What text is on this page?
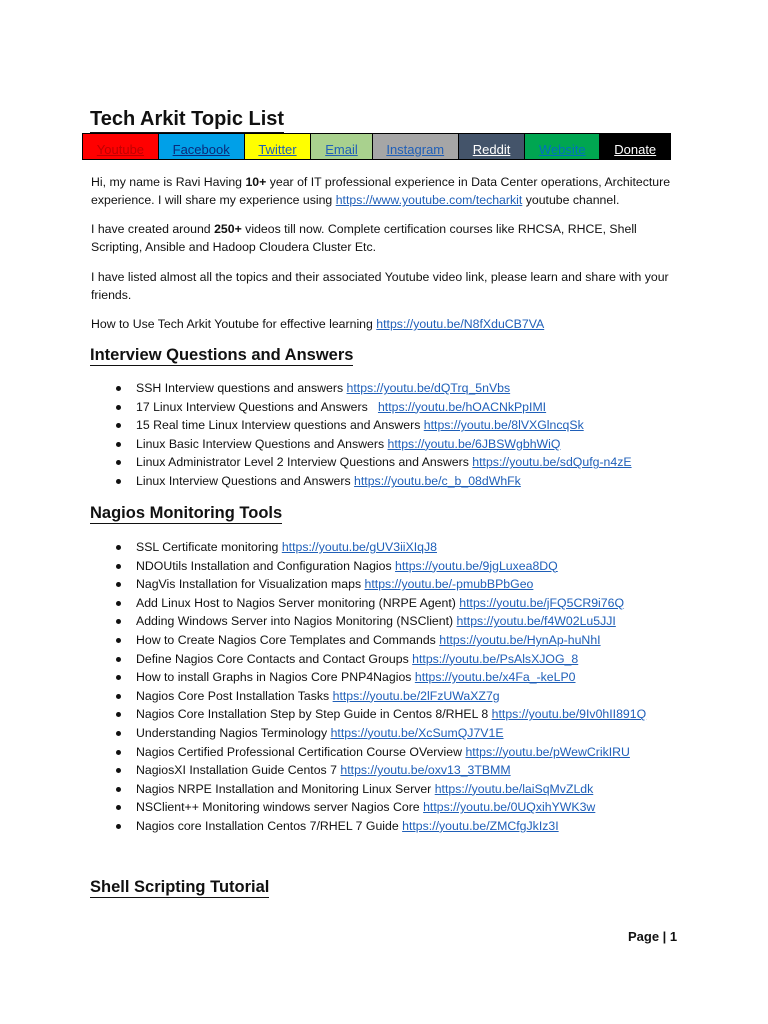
Tech Arkit Topic List
Youtube	Facebook	Twitter	Email	Instagram	Reddit	Website	Donate
Hi, my name is Ravi Having 10+ year of IT professional experience in Data Center operations, Architecture experience. I will share my experience using https://www.youtube.com/techarkit youtube channel.
I have created around 250+ videos till now. Complete certification courses like RHCSA, RHCE, Shell Scripting, Ansible and Hadoop Cloudera Cluster Etc.
I have listed almost all the topics and their associated Youtube video link, please learn and share with your friends.
How to Use Tech Arkit Youtube for effective learning https://youtu.be/N8fXduCB7VA
Interview Questions and Answers
SSH Interview questions and answers https://youtu.be/dQTrq_5nVbs
17 Linux Interview Questions and Answers   https://youtu.be/hOACNkPpIMI
15 Real time Linux Interview questions and Answers https://youtu.be/8lVXGlncqSk
Linux Basic Interview Questions and Answers https://youtu.be/6JBSWgbhWiQ
Linux Administrator Level 2 Interview Questions and Answers https://youtu.be/sdQufg-n4zE
Linux Interview Questions and Answers https://youtu.be/c_b_08dWhFk
Nagios Monitoring Tools
SSL Certificate monitoring https://youtu.be/gUV3iiXIqJ8
NDOUtils Installation and Configuration Nagios https://youtu.be/9jgLuxea8DQ
NagVis Installation for Visualization maps https://youtu.be/-pmubBPbGeo
Add Linux Host to Nagios Server monitoring (NRPE Agent) https://youtu.be/jFQ5CR9i76Q
Adding Windows Server into Nagios Monitoring (NSClient) https://youtu.be/f4W02Lu5JJI
How to Create Nagios Core Templates and Commands https://youtu.be/HynAp-huNhI
Define Nagios Core Contacts and Contact Groups https://youtu.be/PsAlsXJOG_8
How to install Graphs in Nagios Core PNP4Nagios https://youtu.be/x4Fa_-keLP0
Nagios Core Post Installation Tasks https://youtu.be/2lFzUWaXZ7g
Nagios Core Installation Step by Step Guide in Centos 8/RHEL 8 https://youtu.be/9Iv0hII891Q
Understanding Nagios Terminology https://youtu.be/XcSumQJ7V1E
Nagios Certified Professional Certification Course OVerview https://youtu.be/pWewCrikIRU
NagiosXI Installation Guide Centos 7 https://youtu.be/oxv13_3TBMM
Nagios NRPE Installation and Monitoring Linux Server https://youtu.be/laiSqMvZLdk
NSClient++ Monitoring windows server Nagios Core https://youtu.be/0UQxihYWK3w
Nagios core Installation Centos 7/RHEL 7 Guide https://youtu.be/ZMCfgJkIz3I
Shell Scripting Tutorial
Page | 1
